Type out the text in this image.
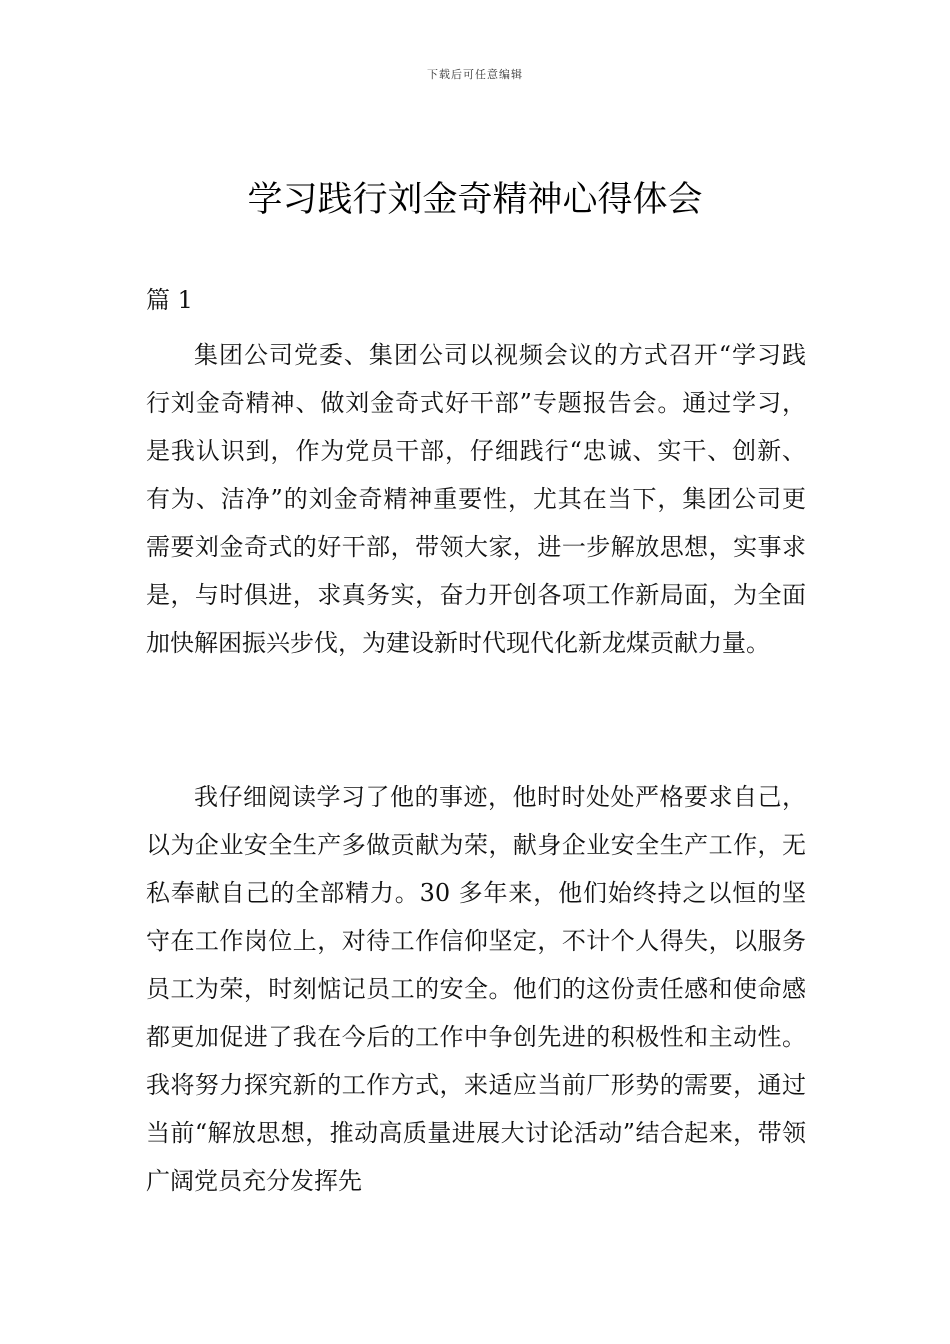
下载后可任意编辑
学习践行刘金奇精神心得体会
篇 1

集团公司党委、集团公司以视频会议的方式召开“学习践行刘金奇精神、做刘金奇式好干部”专题报告会。通过学习，是我认识到，作为党员干部，仔细践行“忠诚、实干、创新、有为、洁净”的刘金奇精神重要性，尤其在当下，集团公司更需要刘金奇式的好干部，带领大家，进一步解放思想，实事求是，与时俱进，求真务实，奋力开创各项工作新局面，为全面加快解困振兴步伐，为建设新时代现代化新龙煤贡献力量。

我仔细阅读学习了他的事迹，他时时处处严格要求自己，以为企业安全生产多做贡献为荣，献身企业安全生产工作，无私奉献自己的全部精力。30 多年来，他们始终持之以恒的坚守在工作岗位上，对待工作信仰坚定，不计个人得失，以服务员工为荣，时刻惦记员工的安全。他们的这份责任感和使命感都更加促进了我在今后的工作中争创先进的积极性和主动性。我将努力探究新的工作方式，来适应当前厂形势的需要，通过当前“解放思想，推动高质量进展大讨论活动”结合起来，带领广阔党员充分发挥先
